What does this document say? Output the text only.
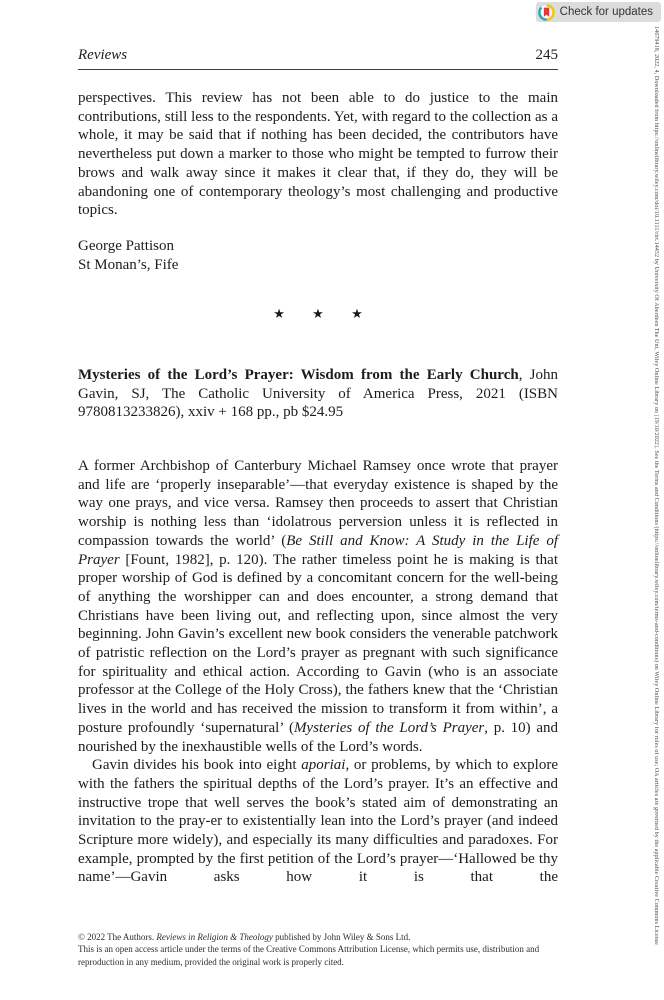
Check for updates
Reviews	245

perspectives. This review has not been able to do justice to the main contributions, still less to the respondents. Yet, with regard to the collection as a whole, it may be said that if nothing has been decided, the contributors have nevertheless put down a marker to those who might be tempted to furrow their brows and walk away since it makes it clear that, if they do, they will be abandoning one of contemporary theology’s most challenging and productive topics.

George Pattison
St Monan’s, Fife
★ ★ ★

Mysteries of the Lord’s Prayer: Wisdom from the Early Church, John Gavin, SJ, The Catholic University of America Press, 2021 (ISBN 9780813233826), xxiv + 168 pp., pb $24.95

A former Archbishop of Canterbury Michael Ramsey once wrote that prayer and life are ‘properly inseparable’—that everyday existence is shaped by the way one prays, and vice versa. Ramsey then proceeds to assert that Christian worship is nothing less than ‘idolatrous perversion unless it is reflected in compassion towards the world’ (Be Still and Know: A Study in the Life of Prayer [Fount, 1982], p. 120). The rather timeless point he is making is that proper worship of God is defined by a concomitant concern for the well-being of anything the worshipper can and does encounter, a strong demand that Christians have been living out, and reflecting upon, since almost the very beginning. John Gavin’s excellent new book considers the venerable patchwork of patristic reflection on the Lord’s prayer as pregnant with such significance for spirituality and ethical action. According to Gavin (who is an associate professor at the College of the Holy Cross), the fathers knew that the ‘Christian lives in the world and has received the mission to transform it from within’, a posture profoundly ‘supernatural’ (Mysteries of the Lord’s Prayer, p. 10) and nourished by the inexhaustible wells of the Lord’s words.

Gavin divides his book into eight aporiai, or problems, by which to explore with the fathers the spiritual depths of the Lord’s prayer. It’s an effective and instructive trope that well serves the book’s stated aim of demonstrating an invitation to the pray-er to existentially lean into the Lord’s prayer (and indeed Scripture more widely), and especially its many difficulties and paradoxes. For example, prompted by the first petition of the Lord’s prayer—‘Hallowed be thy name’—Gavin asks how it is that the

© 2022 The Authors. Reviews in Religion & Theology published by John Wiley & Sons Ltd.
This is an open access article under the terms of the Creative Commons Attribution License, which permits use, distribution and reproduction in any medium, provided the original work is properly cited.
14679418, 2022, 4, Downloaded from https://onlinelibrary.wiley.com/doi/10.1111/rirt.14452 by University Of Aberdeen The Uni, Wiley Online Library on [19/10/2022]. See the Terms and Conditions (https://onlinelibrary.wiley.com/terms-and-conditions) on Wiley Online Library for rules of use; OA articles are governed by the applicable Creative Commons License
